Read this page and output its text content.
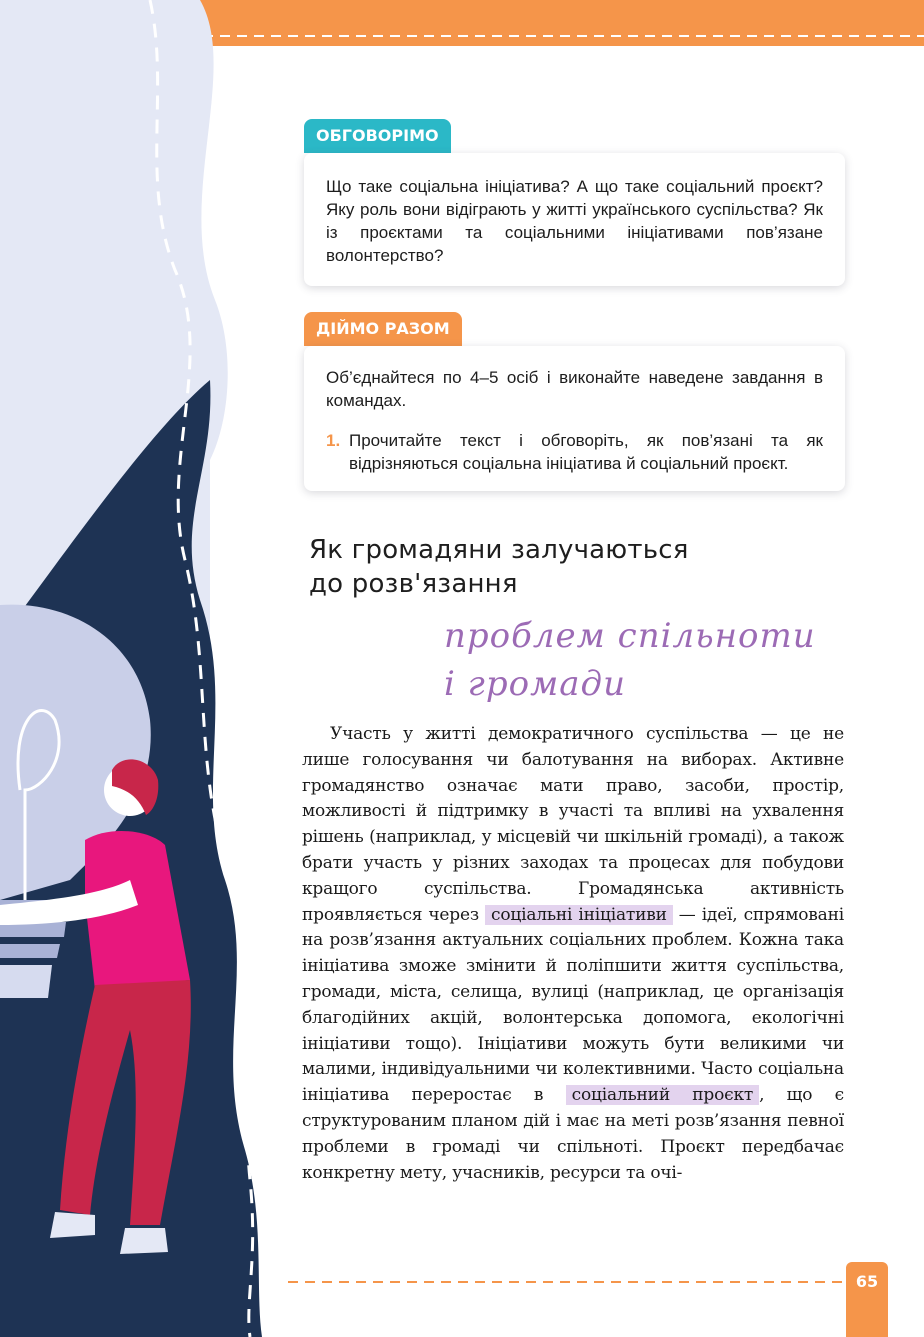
ОБГОВОРІМО

Що таке соціальна ініціатива? А що таке соціальний проєкт? Яку роль вони відіграють у житті українського суспільства? Як із проєктами та соціальними ініціативами пов’язане волонтерство?

ДІЙМО РАЗОМ

Об’єднайтеся по 4–5 осіб і виконайте наведене завдання в командах.

1. Прочитайте текст і обговоріть, як пов’язані та як відрізняються соціальна ініціатива й соціальний проєкт.
Як громадяни залучаються
до розв'язання
проблем спільноти
і громади

Участь у житті демократичного суспільства — це не лише голосування чи балотування на виборах. Активне громадянство означає мати право, засоби, простір, можливості й підтримку в участі та впливі на ухвалення рішень (наприклад, у місцевій чи шкільній громаді), а також брати участь у різних заходах та процесах для побудови кращого суспільства. Громадянська активність проявляється через соціальні ініціативи — ідеї, спрямовані на розв’язання актуальних соціальних проблем. Кожна така ініціатива зможе змінити й поліпшити життя суспільства, громади, міста, селища, вулиці (наприклад, це організація благодійних акцій, волонтерська допомога, екологічні ініціативи тощо). Ініціативи можуть бути великими чи малими, індивідуальними чи колективними. Часто соціальна ініціатива переростає в соціальний проєкт , що є структурованим планом дій і має на меті розв’язання певної проблеми в громаді чи спільноті. Проєкт передбачає конкретну мету, учасників, ресурси та очі-

65
